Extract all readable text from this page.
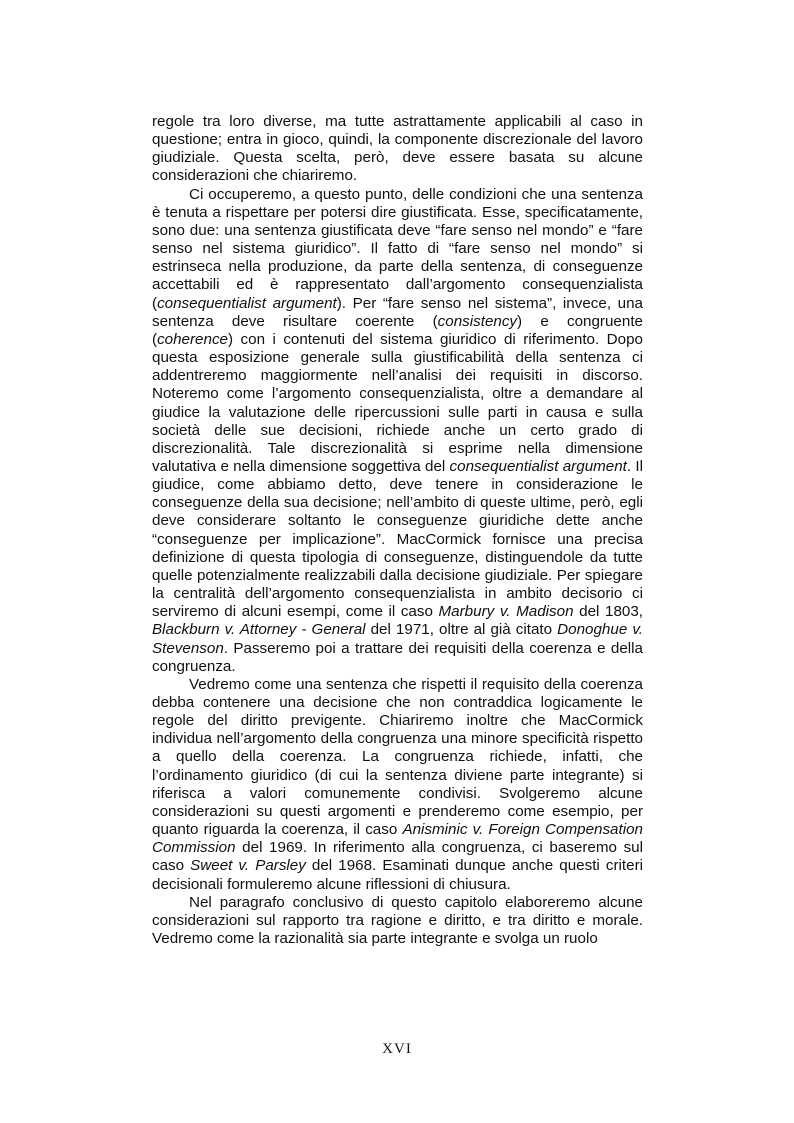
regole tra loro diverse, ma tutte astrattamente applicabili al caso in questione; entra in gioco, quindi, la componente discrezionale del lavoro giudiziale. Questa scelta, però, deve essere basata su alcune considerazioni che chiariremo.

Ci occuperemo, a questo punto, delle condizioni che una sentenza è tenuta a rispettare per potersi dire giustificata. Esse, specificatamente, sono due: una sentenza giustificata deve “fare senso nel mondo” e “fare senso nel sistema giuridico”. Il fatto di “fare senso nel mondo” si estrinseca nella produzione, da parte della sentenza, di conseguenze accettabili ed è rappresentato dall’argomento consequenzialista (consequentialist argument). Per “fare senso nel sistema”, invece, una sentenza deve risultare coerente (consistency) e congruente (coherence) con i contenuti del sistema giuridico di riferimento. Dopo questa esposizione generale sulla giustificabilità della sentenza ci addentreremo maggiormente nell’analisi dei requisiti in discorso. Noteremo come l’argomento consequenzialista, oltre a demandare al giudice la valutazione delle ripercussioni sulle parti in causa e sulla società delle sue decisioni, richiede anche un certo grado di discrezionalità. Tale discrezionalità si esprime nella dimensione valutativa e nella dimensione soggettiva del consequentialist argument. Il giudice, come abbiamo detto, deve tenere in considerazione le conseguenze della sua decisione; nell’ambito di queste ultime, però, egli deve considerare soltanto le conseguenze giuridiche dette anche “conseguenze per implicazione”. MacCormick fornisce una precisa definizione di questa tipologia di conseguenze, distinguendole da tutte quelle potenzialmente realizzabili dalla decisione giudiziale. Per spiegare la centralità dell’argomento consequenzialista in ambito decisorio ci serviremo di alcuni esempi, come il caso Marbury v. Madison del 1803, Blackburn v. Attorney - General del 1971, oltre al già citato Donoghue v. Stevenson. Passeremo poi a trattare dei requisiti della coerenza e della congruenza.

Vedremo come una sentenza che rispetti il requisito della coerenza debba contenere una decisione che non contraddica logicamente le regole del diritto previgente. Chiariremo inoltre che MacCormick individua nell’argomento della congruenza una minore specificità rispetto a quello della coerenza. La congruenza richiede, infatti, che l’ordinamento giuridico (di cui la sentenza diviene parte integrante) si riferisca a valori comunemente condivisi. Svolgeremo alcune considerazioni su questi argomenti e prenderemo come esempio, per quanto riguarda la coerenza, il caso Anisminic v. Foreign Compensation Commission del 1969. In riferimento alla congruenza, ci baseremo sul caso Sweet v. Parsley del 1968. Esaminati dunque anche questi criteri decisionali formuleremo alcune riflessioni di chiusura.

Nel paragrafo conclusivo di questo capitolo elaboreremo alcune considerazioni sul rapporto tra ragione e diritto, e tra diritto e morale. Vedremo come la razionalità sia parte integrante e svolga un ruolo

XVI
